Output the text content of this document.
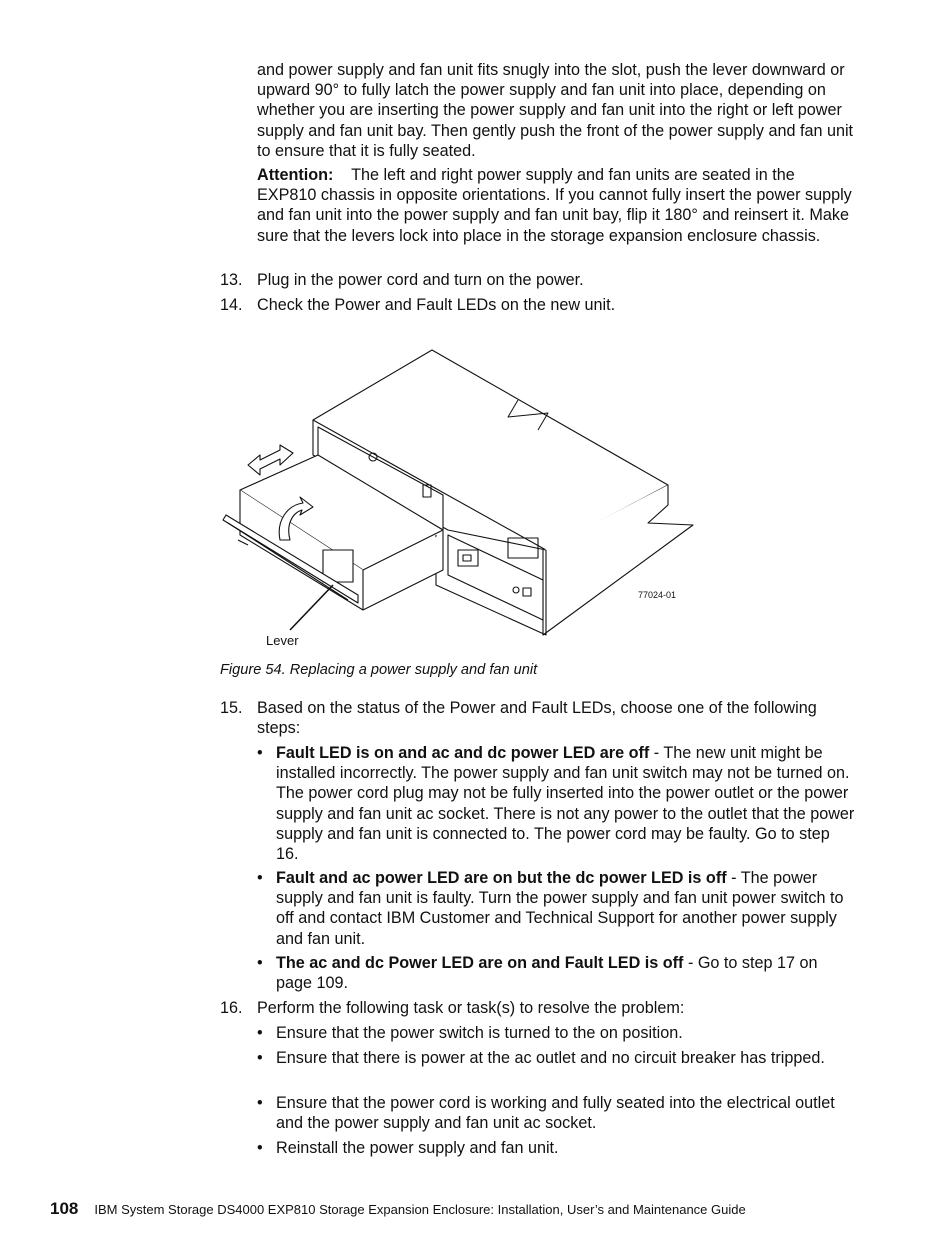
and power supply and fan unit fits snugly into the slot, push the lever downward or upward 90° to fully latch the power supply and fan unit into place, depending on whether you are inserting the power supply and fan unit into the right or left power supply and fan unit bay. Then gently push the front of the power supply and fan unit to ensure that it is fully seated.

Attention: The left and right power supply and fan units are seated in the EXP810 chassis in opposite orientations. If you cannot fully insert the power supply and fan unit into the power supply and fan unit bay, flip it 180° and reinsert it. Make sure that the levers lock into place in the storage expansion enclosure chassis.

13. Plug in the power cord and turn on the power.
14. Check the Power and Fault LEDs on the new unit.
Lever
77024-01

Figure 54. Replacing a power supply and fan unit

15. Based on the status of the Power and Fault LEDs, choose one of the following steps:
• Fault LED is on and ac and dc power LED are off - The new unit might be installed incorrectly. The power supply and fan unit switch may not be turned on. The power cord plug may not be fully inserted into the power outlet or the power supply and fan unit ac socket. There is not any power to the outlet that the power supply and fan unit is connected to. The power cord may be faulty. Go to step 16.
• Fault and ac power LED are on but the dc power LED is off - The power supply and fan unit is faulty. Turn the power supply and fan unit power switch to off and contact IBM Customer and Technical Support for another power supply and fan unit.
• The ac and dc Power LED are on and Fault LED is off - Go to step 17 on page 109.
16. Perform the following task or task(s) to resolve the problem:
• Ensure that the power switch is turned to the on position.
• Ensure that there is power at the ac outlet and no circuit breaker has tripped.
• Ensure that the power cord is working and fully seated into the electrical outlet and the power supply and fan unit ac socket.
• Reinstall the power supply and fan unit.
108 IBM System Storage DS4000 EXP810 Storage Expansion Enclosure: Installation, User’s and Maintenance Guide
